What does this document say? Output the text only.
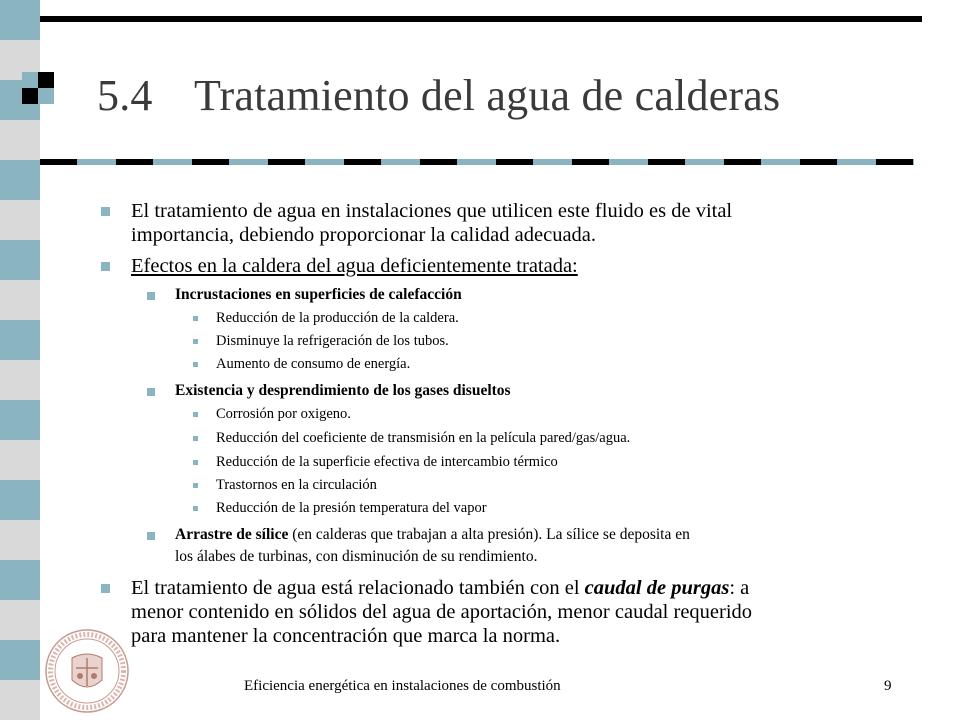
5.4 Tratamiento del agua de calderas
El tratamiento de agua en instalaciones que utilicen este fluido es de vital
importancia, debiendo proporcionar la calidad adecuada.
Efectos en la caldera del agua deficientemente tratada:
Incrustaciones en superficies de calefacción
Reducción de la producción de la caldera.
Disminuye la refrigeración de los tubos.
Aumento de consumo de energía.
Existencia y desprendimiento de los gases disueltos
Corrosión por oxigeno.
Reducción del coeficiente de transmisión en la película pared/gas/agua.
Reducción de la superficie efectiva de intercambio térmico
Trastornos en la circulación
Reducción de la presión temperatura del vapor
Arrastre de sílice (en calderas que trabajan a alta presión). La sílice se deposita en
los álabes de turbinas, con disminución de su rendimiento.
El tratamiento de agua está relacionado también con el caudal de purgas: a
menor contenido en sólidos del agua de aportación, menor caudal requerido
para mantener la concentración que marca la norma.
Eficiencia energética en instalaciones de combustión	9
